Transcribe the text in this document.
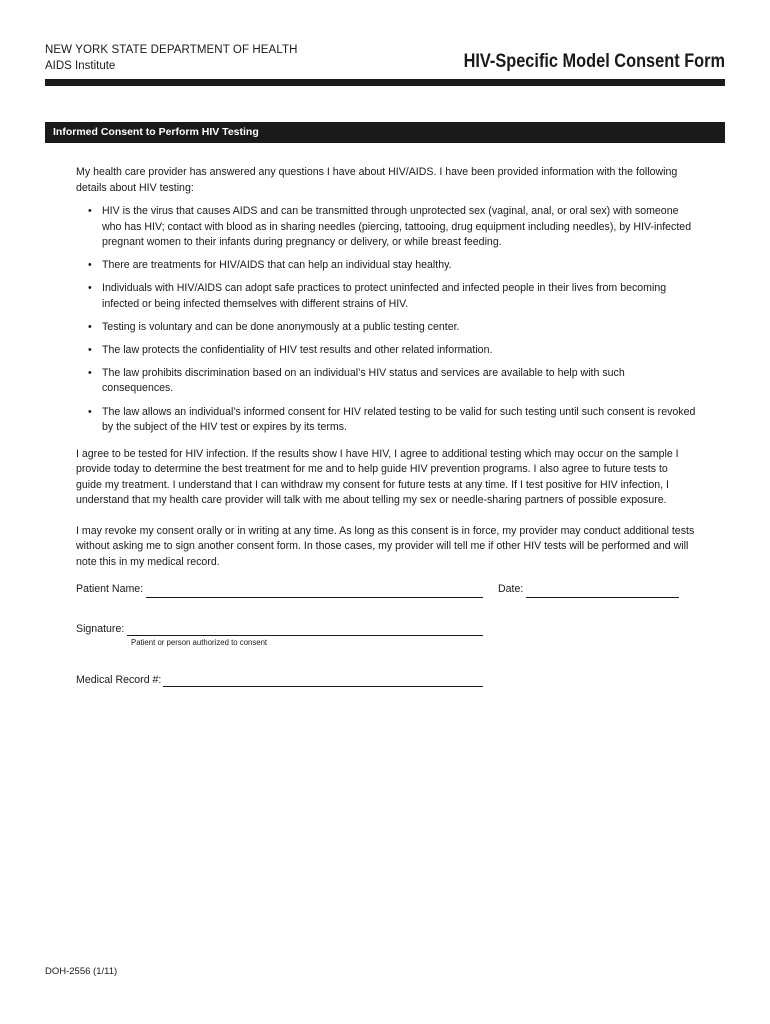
NEW YORK STATE DEPARTMENT OF HEALTH
AIDS Institute	HIV-Specific Model Consent Form
Informed Consent to Perform HIV Testing

My health care provider has answered any questions I have about HIV/AIDS. I have been provided information with the following details about HIV testing:

• HIV is the virus that causes AIDS and can be transmitted through unprotected sex (vaginal, anal, or oral sex) with someone who has HIV; contact with blood as in sharing needles (piercing, tattooing, drug equipment including needles), by HIV-infected pregnant women to their infants during pregnancy or delivery, or while breast feeding.
• There are treatments for HIV/AIDS that can help an individual stay healthy.
• Individuals with HIV/AIDS can adopt safe practices to protect uninfected and infected people in their lives from becoming infected or being infected themselves with different strains of HIV.
• Testing is voluntary and can be done anonymously at a public testing center.
• The law protects the confidentiality of HIV test results and other related information.
• The law prohibits discrimination based on an individual’s HIV status and services are available to help with such consequences.
• The law allows an individual’s informed consent for HIV related testing to be valid for such testing until such consent is revoked by the subject of the HIV test or expires by its terms.

I agree to be tested for HIV infection. If the results show I have HIV, I agree to additional testing which may occur on the sample I provide today to determine the best treatment for me and to help guide HIV prevention programs. I also agree to future tests to guide my treatment. I understand that I can withdraw my consent for future tests at any time. If I test positive for HIV infection, I understand that my health care provider will talk with me about telling my sex or needle-sharing partners of possible exposure.

I may revoke my consent orally or in writing at any time. As long as this consent is in force, my provider may conduct additional tests without asking me to sign another consent form. In those cases, my provider will tell me if other HIV tests will be performed and will note this in my medical record.

Patient Name:	Date:
Signature:
Patient or person authorized to consent
Medical Record #:
DOH-2556 (1/11)
